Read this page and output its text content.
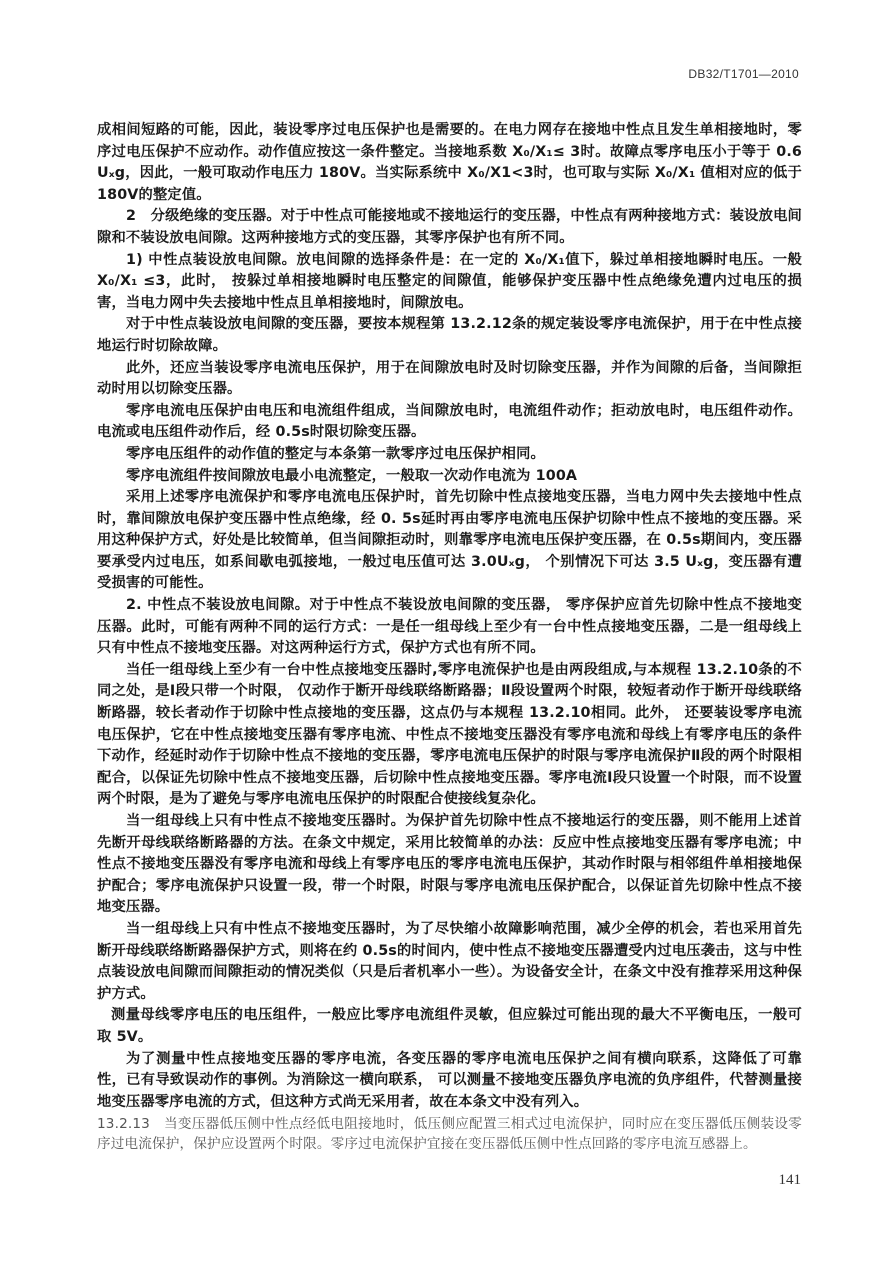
DB32/T1701—2010

成相间短路的可能，因此，装设零序过电压保护也是需要的。在电力网存在接地中性点且发生单相接地时，零序过电压保护不应动作。动作值应按这一条件整定。当接地系数 X₀/X₁≤ 3时。故障点零序电压小于等于 0.6 Uₓg，因此，一般可取动作电压力 180V。当实际系统中 X₀/X1<3时，也可取与实际 X₀/X₁ 值相对应的低于 180V的整定值。

2　分级绝缘的变压器。对于中性点可能接地或不接地运行的变压器，中性点有两种接地方式：装设放电间隙和不装设放电间隙。这两种接地方式的变压器，其零序保护也有所不同。

1) 中性点装设放电间隙。放电间隙的选择条件是：在一定的 X₀/X₁值下，躲过单相接地瞬时电压。一般 X₀/X₁ ≤3，此时， 按躲过单相接地瞬时电压整定的间隙值，能够保护变压器中性点绝缘免遭内过电压的损害，当电力网中失去接地中性点且单相接地时，间隙放电。

对于中性点装设放电间隙的变压器，要按本规程第 13.2.12条的规定装设零序电流保护，用于在中性点接地运行时切除故障。

此外，还应当装设零序电流电压保护，用于在间隙放电时及时切除变压器，并作为间隙的后备，当间隙拒动时用以切除变压器。

零序电流电压保护由电压和电流组件组成，当间隙放电时，电流组件动作；拒动放电时，电压组件动作。电流或电压组件动作后，经 0.5s时限切除变压器。

零序电压组件的动作值的整定与本条第一款零序过电压保护相同。

零序电流组件按间隙放电最小电流整定，一般取一次动作电流为 100A

采用上述零序电流保护和零序电流电压保护时，首先切除中性点接地变压器，当电力网中失去接地中性点时，靠间隙放电保护变压器中性点绝缘，经 0. 5s延时再由零序电流电压保护切除中性点不接地的变压器。采用这种保护方式，好处是比较简单，但当间隙拒动时，则靠零序电流电压保护变压器，在 0.5s期间内，变压器要承受内过电压，如系间歇电弧接地，一般过电压值可达 3.0Uₓg， 个别情况下可达 3.5 Uₓg，变压器有遭受损害的可能性。

2. 中性点不装设放电间隙。对于中性点不装设放电间隙的变压器， 零序保护应首先切除中性点不接地变压器。此时，可能有两种不同的运行方式：一是任一组母线上至少有一台中性点接地变压器，二是一组母线上只有中性点不接地变压器。对这两种运行方式，保护方式也有所不同。

当任一组母线上至少有一台中性点接地变压器时,零序电流保护也是由两段组成,与本规程 13.2.10条的不同之处，是Ⅰ段只带一个时限， 仅动作于断开母线联络断路器；Ⅱ段设置两个时限，较短者动作于断开母线联络断路器，较长者动作于切除中性点接地的变压器，这点仍与本规程 13.2.10相同。此外， 还要装设零序电流电压保护，它在中性点接地变压器有零序电流、中性点不接地变压器没有零序电流和母线上有零序电压的条件下动作，经延时动作于切除中性点不接地的变压器，零序电流电压保护的时限与零序电流保护Ⅱ段的两个时限相配合，以保证先切除中性点不接地变压器，后切除中性点接地变压器。零序电流Ⅰ段只设置一个时限，而不设置两个时限，是为了避免与零序电流电压保护的时限配合使接线复杂化。

当一组母线上只有中性点不接地变压器时。为保护首先切除中性点不接地运行的变压器，则不能用上述首先断开母线联络断路器的方法。在条文中规定，采用比较简单的办法：反应中性点接地变压器有零序电流；中性点不接地变压器没有零序电流和母线上有零序电压的零序电流电压保护，其动作时限与相邻组件单相接地保护配合；零序电流保护只设置一段，带一个时限，时限与零序电流电压保护配合，以保证首先切除中性点不接地变压器。

当一组母线上只有中性点不接地变压器时，为了尽快缩小故障影响范围，减少全停的机会，若也采用首先断开母线联络断路器保护方式，则将在约 0.5s的时间内，使中性点不接地变压器遭受内过电压袭击，这与中性点装设放电间隙而间隙拒动的情况类似（只是后者机率小一些）。为设备安全计，在条文中没有推荐采用这种保护方式。

测量母线零序电压的电压组件，一般应比零序电流组件灵敏，但应躲过可能出现的最大不平衡电压，一般可取 5V。

为了测量中性点接地变压器的零序电流，各变压器的零序电流电压保护之间有横向联系，这降低了可靠性，已有导致误动作的事例。为消除这一横向联系， 可以测量不接地变压器负序电流的负序组件，代替测量接地变压器零序电流的方式，但这种方式尚无采用者，故在本条文中没有列入。

13.2.13　 当变压器低压侧中性点经低电阻接地时，低压侧应配置三相式过电流保护，同时应在变压器低压侧装设零序过电流保护，保护应设置两个时限。零序过电流保护宜接在变压器低压侧中性点回路的零序电流互感器上。

141
